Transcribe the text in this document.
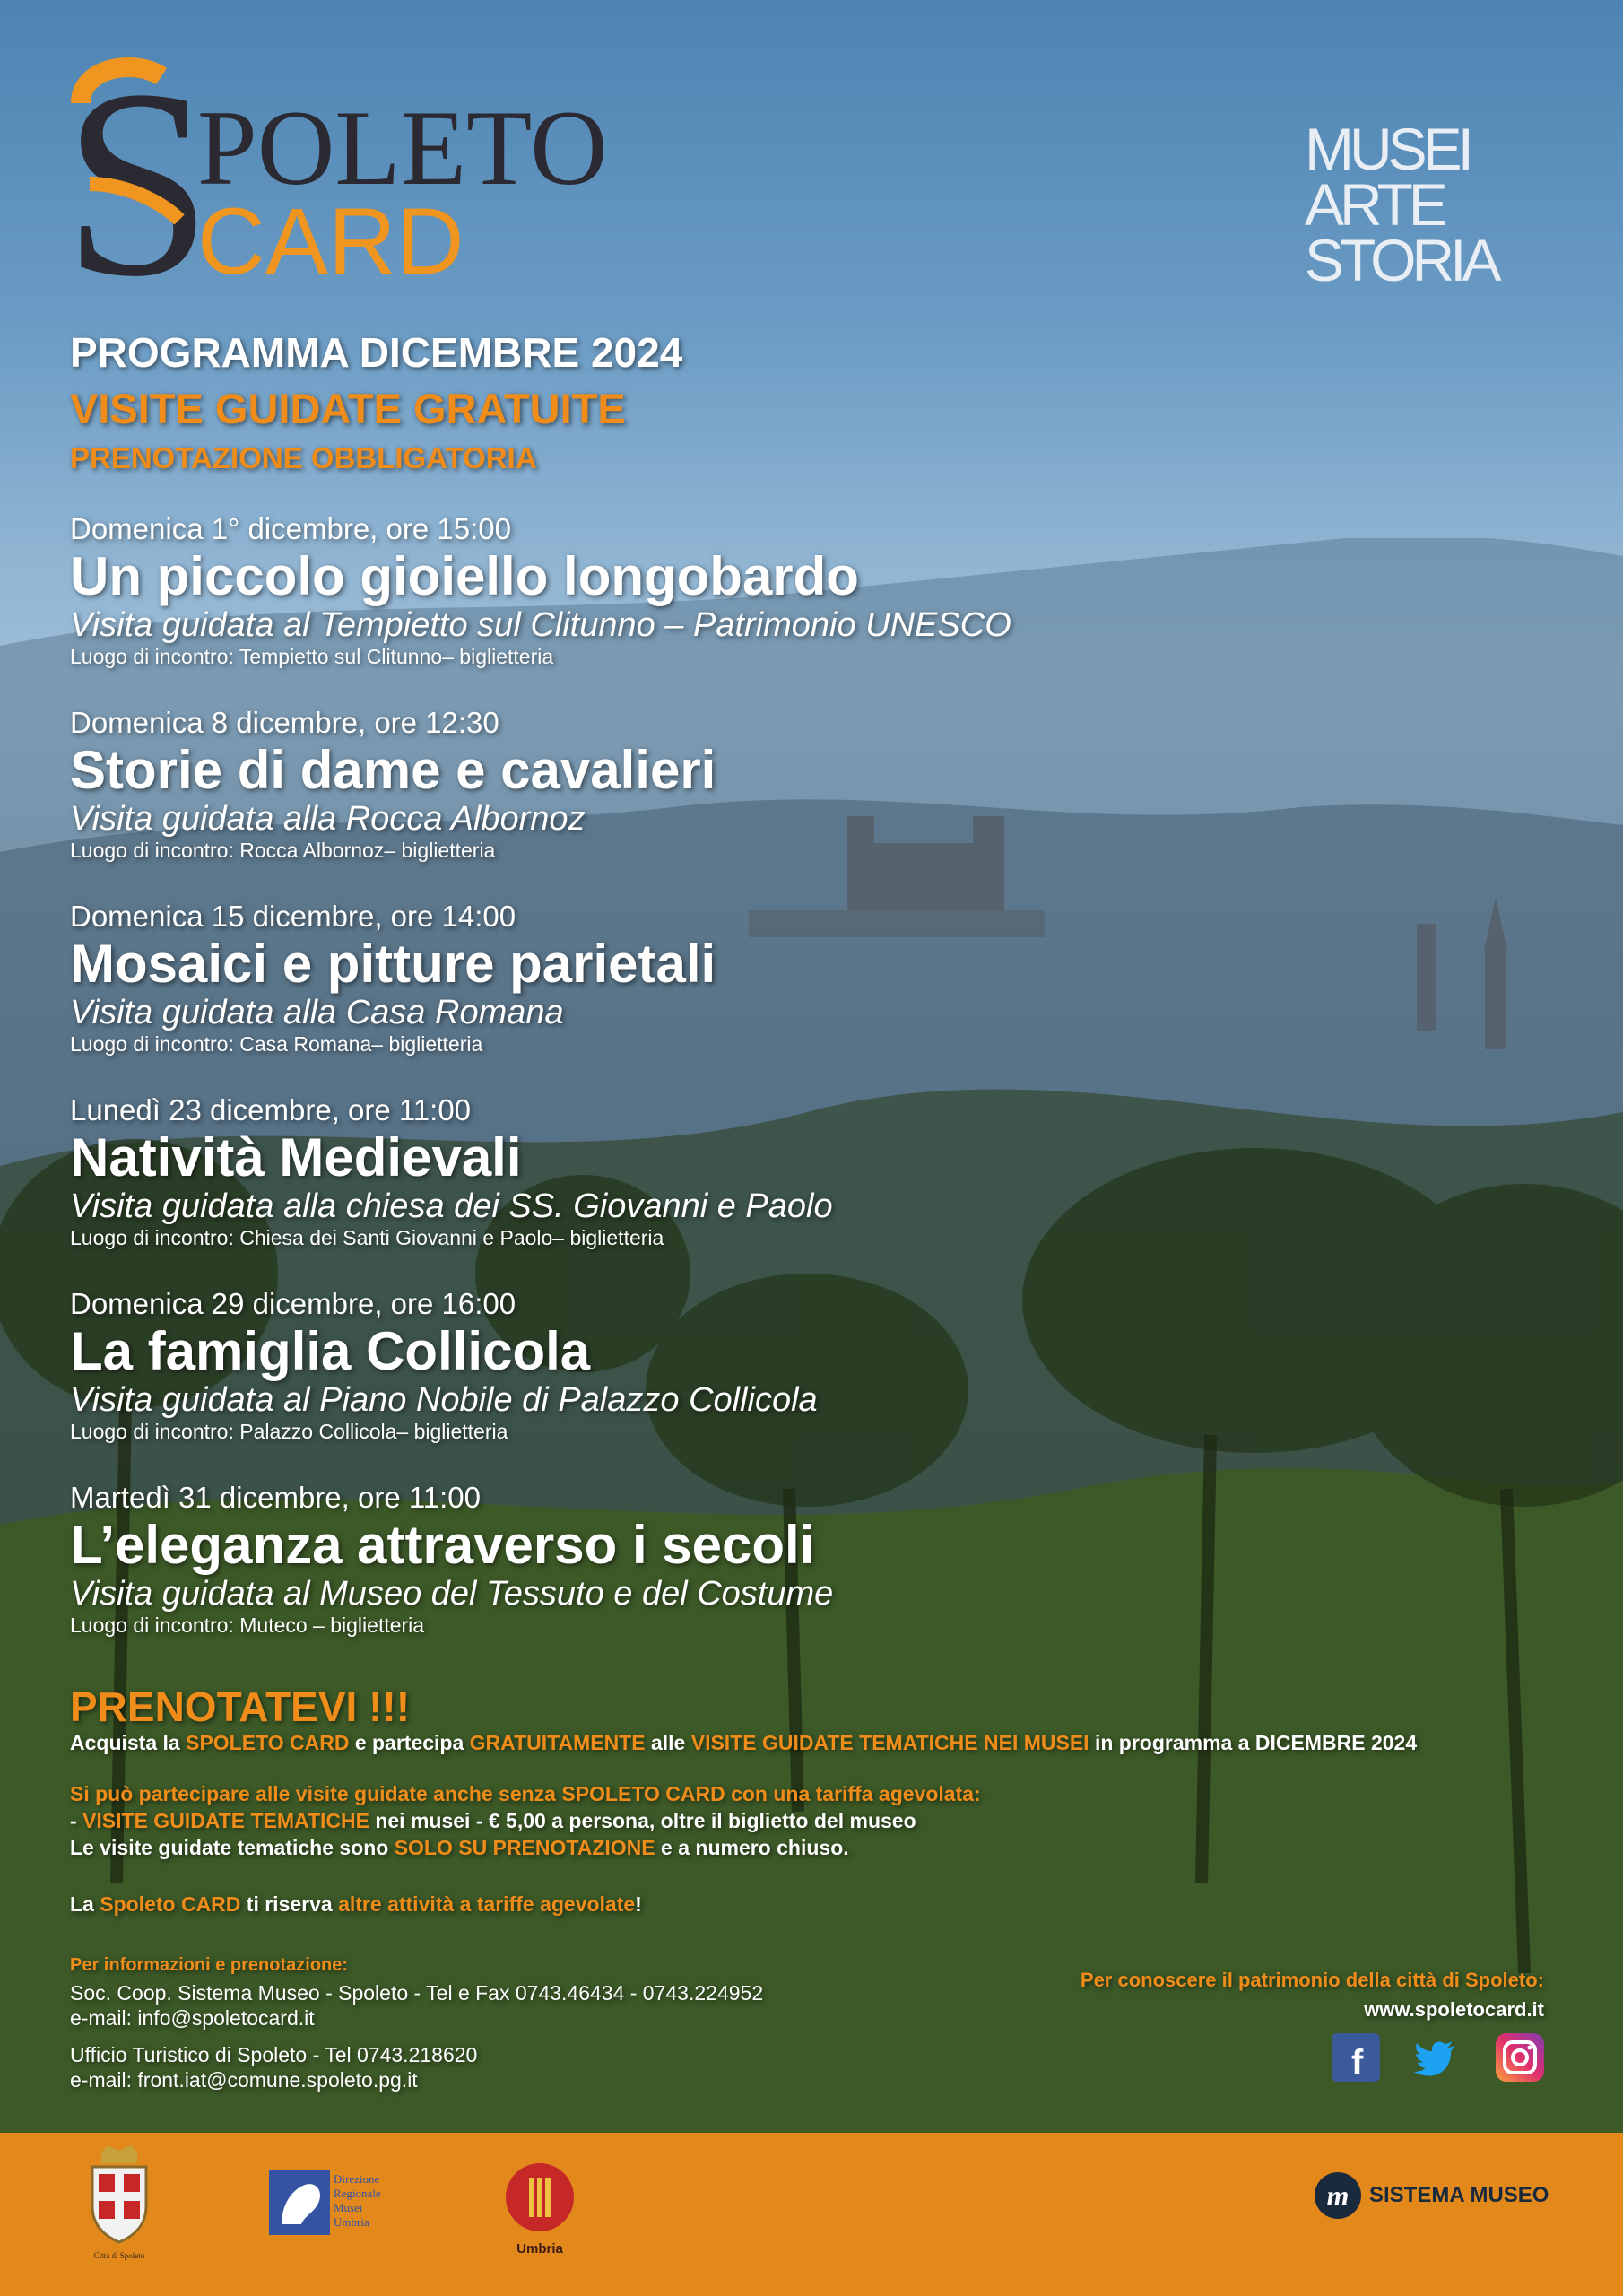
S
POLETO
CARD
MUSEI
ARTE
STORIA
PROGRAMMA DICEMBRE 2024
VISITE GUIDATE GRATUITE
PRENOTAZIONE OBBLIGATORIA
Domenica 1° dicembre, ore 15:00
Un piccolo gioiello longobardo
Visita guidata al Tempietto sul Clitunno – Patrimonio UNESCO
Luogo di incontro: Tempietto sul Clitunno– biglietteria
Domenica 8 dicembre, ore 12:30
Storie di dame e cavalieri
Visita guidata alla Rocca Albornoz
Luogo di incontro: Rocca Albornoz– biglietteria
Domenica 15 dicembre, ore 14:00
Mosaici e pitture parietali
Visita guidata alla Casa Romana
Luogo di incontro: Casa Romana– biglietteria
Lunedì 23 dicembre, ore 11:00
Natività Medievali
Visita guidata alla chiesa dei SS. Giovanni e Paolo
Luogo di incontro: Chiesa dei Santi Giovanni e Paolo– biglietteria
Domenica 29 dicembre, ore 16:00
La famiglia Collicola
Visita guidata al Piano Nobile di Palazzo Collicola
Luogo di incontro: Palazzo Collicola– biglietteria
Martedì 31 dicembre, ore 11:00
L’eleganza attraverso i secoli
Visita guidata al Museo del Tessuto e del Costume
Luogo di incontro: Muteco – biglietteria
PRENOTATEVI !!!
Acquista la SPOLETO CARD e partecipa GRATUITAMENTE alle VISITE GUIDATE TEMATICHE NEI MUSEI in programma a DICEMBRE 2024
Si può partecipare alle visite guidate anche senza SPOLETO CARD con una tariffa agevolata:
- VISITE GUIDATE TEMATICHE nei musei - € 5,00 a persona, oltre il biglietto del museo
Le visite guidate tematiche sono SOLO SU PRENOTAZIONE e a numero chiuso.
La Spoleto CARD ti riserva altre attività a tariffe agevolate!
Per informazioni e prenotazione:
Soc. Coop. Sistema Museo - Spoleto - Tel e Fax 0743.46434 - 0743.224952
e-mail: info@spoletocard.it
Ufficio Turistico di Spoleto - Tel 0743.218620
e-mail: front.iat@comune.spoleto.pg.it
Per conoscere il patrimonio della città di Spoleto:
www.spoletocard.it
f
Città di Spoleto
Direzione
Regionale
Musei
Umbria
Umbria
m SISTEMA MUSEO
